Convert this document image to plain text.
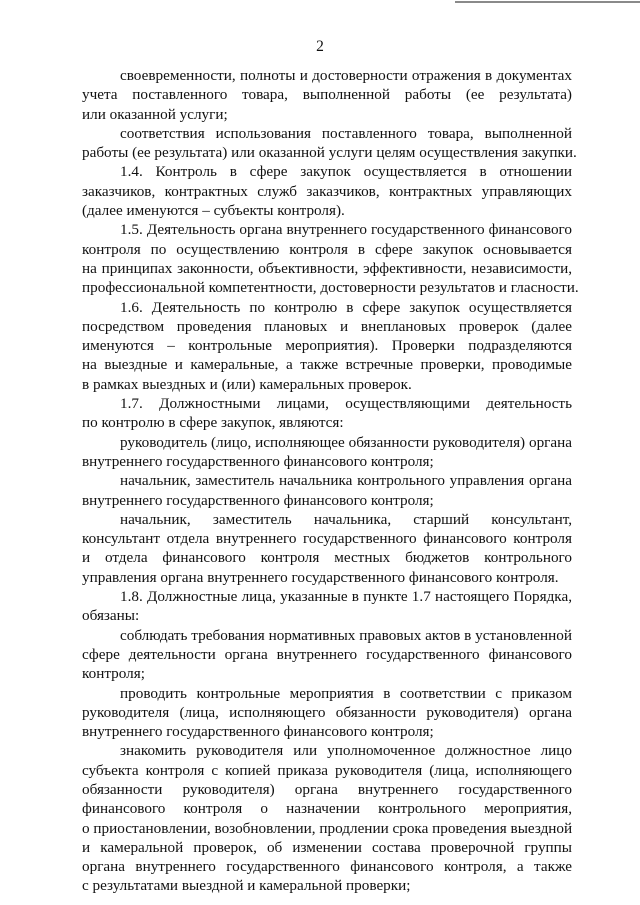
2
своевременности, полноты и достоверности отражения в документах
учета поставленного товара, выполненной работы (ее результата)
или оказанной услуги;
соответствия использования поставленного товара, выполненной
работы (ее результата) или оказанной услуги целям осуществления закупки.
1.4. Контроль в сфере закупок осуществляется в отношении
заказчиков, контрактных служб заказчиков, контрактных управляющих
(далее именуются – субъекты контроля).
1.5. Деятельность органа внутреннего государственного финансового
контроля по осуществлению контроля в сфере закупок основывается
на принципах законности, объективности, эффективности, независимости,
профессиональной компетентности, достоверности результатов и гласности.
1.6. Деятельность по контролю в сфере закупок осуществляется
посредством проведения плановых и внеплановых проверок (далее
именуются – контрольные мероприятия). Проверки подразделяются
на выездные и камеральные, а также встречные проверки, проводимые
в рамках выездных и (или) камеральных проверок.
1.7. Должностными лицами, осуществляющими деятельность
по контролю в сфере закупок, являются:
руководитель (лицо, исполняющее обязанности руководителя) органа
внутреннего государственного финансового контроля;
начальник, заместитель начальника контрольного управления органа
внутреннего государственного финансового контроля;
начальник, заместитель начальника, старший консультант,
консультант отдела внутреннего государственного финансового контроля
и отдела финансового контроля местных бюджетов контрольного
управления органа внутреннего государственного финансового контроля.
1.8. Должностные лица, указанные в пункте 1.7 настоящего Порядка,
обязаны:
соблюдать требования нормативных правовых актов в установленной
сфере деятельности органа внутреннего государственного финансового
контроля;
проводить контрольные мероприятия в соответствии с приказом
руководителя (лица, исполняющего обязанности руководителя) органа
внутреннего государственного финансового контроля;
знакомить руководителя или уполномоченное должностное лицо
субъекта контроля с копией приказа руководителя (лица, исполняющего
обязанности руководителя) органа внутреннего государственного
финансового контроля о назначении контрольного мероприятия,
о приостановлении, возобновлении, продлении срока проведения выездной
и камеральной проверок, об изменении состава проверочной группы
органа внутреннего государственного финансового контроля, а также
с результатами выездной и камеральной проверки;
